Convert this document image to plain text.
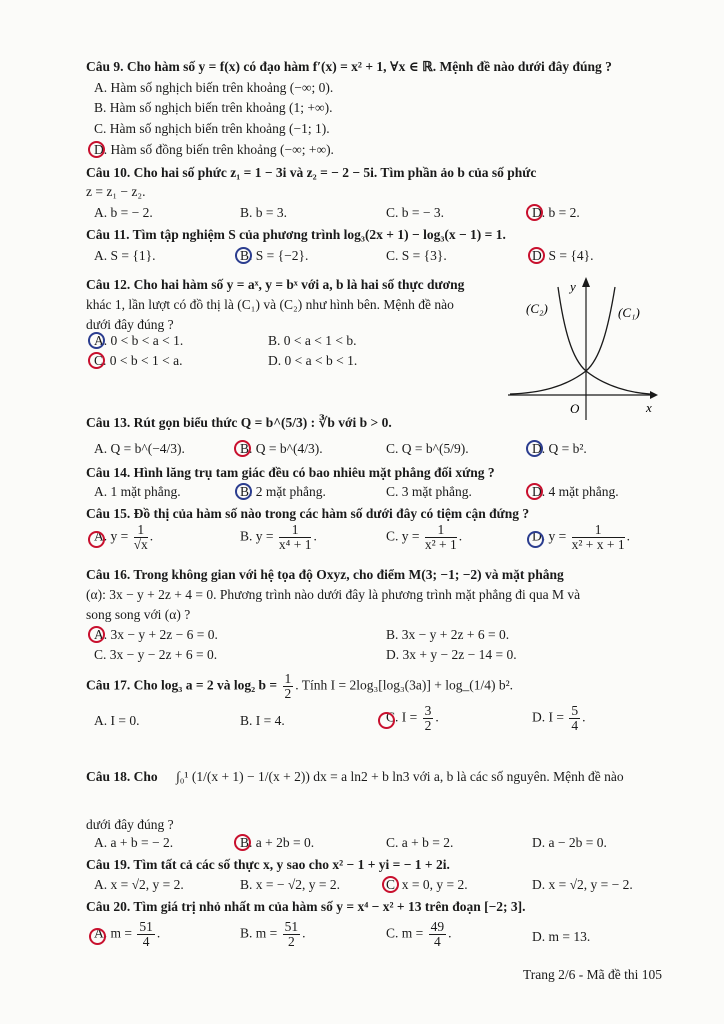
Câu 9. Cho hàm số y = f(x) có đạo hàm f′(x) = x² + 1, ∀x ∈ ℝ. Mệnh đề nào dưới đây đúng ?
A. Hàm số nghịch biến trên khoảng (−∞; 0).
B. Hàm số nghịch biến trên khoảng (1; +∞).
C. Hàm số nghịch biến trên khoảng (−1; 1).
D. Hàm số đồng biến trên khoảng (−∞; +∞).
Câu 10. Cho hai số phức z₁ = 1 − 3i và z₂ = − 2 − 5i. Tìm phần ảo b của số phức
z = z₁ − z₂.
A. b = − 2.	B. b = 3.	C. b = − 3.	D. b = 2.
Câu 11. Tìm tập nghiệm S của phương trình log₃(2x + 1) − log₃(x − 1) = 1.
A. S = {1}.	B. S = {−2}.	C. S = {3}.	D. S = {4}.
Câu 12. Cho hai hàm số y = aˣ, y = bˣ với a, b là hai số thực dương
khác 1, lần lượt có đồ thị là (C₁) và (C₂) như hình bên. Mệnh đề nào
dưới đây đúng ?
A. 0 < b < a < 1.	B. 0 < a < 1 < b.
C. 0 < b < 1 < a.	D. 0 < a < b < 1.
(C₂)	(C₁)
y
x
O
Câu 13. Rút gọn biểu thức Q = b^(5/3) : ∛b với b > 0.
A. Q = b^(−4/3).	B. Q = b^(4/3).	C. Q = b^(5/9).	D. Q = b².
Câu 14. Hình lăng trụ tam giác đều có bao nhiêu mặt phẳng đối xứng ?
A. 1 mặt phẳng.	B. 2 mặt phẳng.	C. 3 mặt phẳng.	D. 4 mặt phẳng.
Câu 15. Đồ thị của hàm số nào trong các hàm số dưới đây có tiệm cận đứng ?
A. $y = \frac{1}{√x}$ .	B. $y = \frac{1}{\text{x⁴ + 1}}$ .	C. $y = \frac{1}{\text{x² + 1}}$ .	D. $y = \frac{1}{\text{x² + x + 1}}$ .
Câu 16. Trong không gian với hệ tọa độ Oxyz, cho điểm M(3; −1; −2) và mặt phẳng
(α): 3x − y + 2z + 4 = 0. Phương trình nào dưới đây là phương trình mặt phẳng đi qua M và
song song với (α) ?
A. 3x − y + 2z − 6 = 0.	B. 3x − y + 2z + 6 = 0.
C. 3x − y − 2z + 6 = 0.	D. 3x + y − 2z − 14 = 0.
Câu 17. Cho log₃ a = 2 và log₂ $b = \frac{1}{2}$ . Tính I = 2log₃[log₃(3a)] + log_(1/4) b².
A. I = 0.	B. I = 4.	C. $I = \frac{3}{2}$ .	D. $I = \frac{5}{4}$ .
Câu 18. Cho ∫₀¹ (1/(x + 1) − 1/(x + 2)) dx = a ln2 + b ln3 với a, b là các số nguyên. Mệnh đề nào
dưới đây đúng ?
A. a + b = − 2.	B. a + 2b = 0.	C. a + b = 2.	D. a − 2b = 0.
Câu 19. Tìm tất cả các số thực x, y sao cho x² − 1 + yi = − 1 + 2i.
A. x = √2, y = 2.	B. x = − √2, y = 2.	C. x = 0, y = 2.	D. x = √2, y = − 2.
Câu 20. Tìm giá trị nhỏ nhất m của hàm số y = x⁴ − x² + 13 trên đoạn [−2; 3].
A. $m = \frac{51}{4}$ .	B. $m = \frac{51}{2}$ .	C. $m = \frac{49}{4}$ .	D. m = 13.
Trang 2/6 - Mã đề thi 105
